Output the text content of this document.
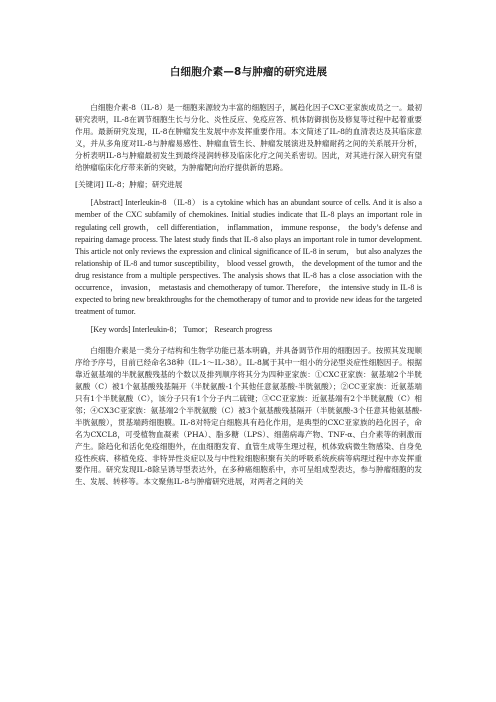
白细胞介素—8与肿瘤的研究进展

白细胞介素-8（IL-8）是一细胞来源较为丰富的细胞因子，属趋化因子CXC亚家族成员之一。最初研究表明，IL-8在调节细胞生长与分化、炎性反应、免疫应答、机体防御损伤及修复等过程中起着重要作用。最新研究发现，IL-8在肿瘤发生发展中亦发挥重要作用。本文简述了IL-8的血清表达及其临床意义，并从多角度对IL-8与肿瘤易感性、肿瘤血管生长、肿瘤发展演进及肿瘤耐药之间的关系展开分析，分析表明IL-8与肿瘤最初发生到最终浸润转移及临床化疗之间关系密切。因此，对其进行深入研究有望给肿瘤临床化疗带来新的突破，为肿瘤靶向治疗提供新的思路。

[关键词] IL-8；肿瘤；研究进展

[Abstract] Interleukin-8 （IL-8） is a cytokine which has an abundant source of cells. And it is also a member of the CXC subfamily of chemokines. Initial studies indicate that IL-8 plays an important role in regulating cell growth， cell differentiation， inflammation， immune response， the body’s defense and repairing damage process. The latest study finds that IL-8 also plays an important role in tumor development. This article not only reviews the expression and clinical significance of IL-8 in serum， but also analyzes the relationship of IL-8 and tumor susceptibility， blood vessel growth， the development of the tumor and the drug resistance from a multiple perspectives. The analysis shows that IL-8 has a close association with the occurrence， invasion， metastasis and chemotherapy of tumor. Therefore， the intensive study in IL-8 is expected to bring new breakthroughs for the chemotherapy of tumor and to provide new ideas for the targeted treatment of tumor.

[Key words] Interleukin-8； Tumor； Research progress

白细胞介素是一类分子结构和生物学功能已基本明确，并具备调节作用的细胞因子。按照其发现顺序给予序号，目前已经命名38种（IL-1～IL-38）。IL-8属于其中一组小的分泌型炎症性细胞因子。根据靠近氨基端的半胱氨酸残基的个数以及排列顺序将其分为四种亚家族：①CXC亚家族：氨基端2个半胱氨酸（C）被1个氨基酸残基隔开（半胱氨酸-1个其他任意氨基酸-半胱氨酸）；②CC亚家族：近氨基端只有1个半胱氨酸（C），该分子只有1个分子内二硫键；③CC亚家族：近氨基端有2个半胱氨酸（C）相邻；④CX3C亚家族：氨基端2个半胱氨酸（C）被3个氨基酸残基隔开（半胱氨酸-3个任意其他氨基酸-半胱氨酸），贯基端跨细胞膜。IL-8对特定白细胞具有趋化作用，是典型的CXC亚家族的趋化因子，命名为CXCL8，可受植物血凝素（PHA）、脂多糖（LPS）、细菌病毒产物、TNF-α、白介素等的刺激而产生。除趋化和活化免疫细胞外，在血细胞发育、血管生成等生理过程，机体致病微生物感染、自身免疫性疾病、移植免疫、非特异性炎症以及与中性粒细胞积聚有关的呼吸系统疾病等病理过程中亦发挥重要作用。研究发现IL-8除呈诱导型表达外，在多种癌细胞系中，亦可呈组成型表达，参与肿瘤细胞的发生、发展、转移等。本文聚焦IL-8与肿瘤研究进展，对两者之间的关
